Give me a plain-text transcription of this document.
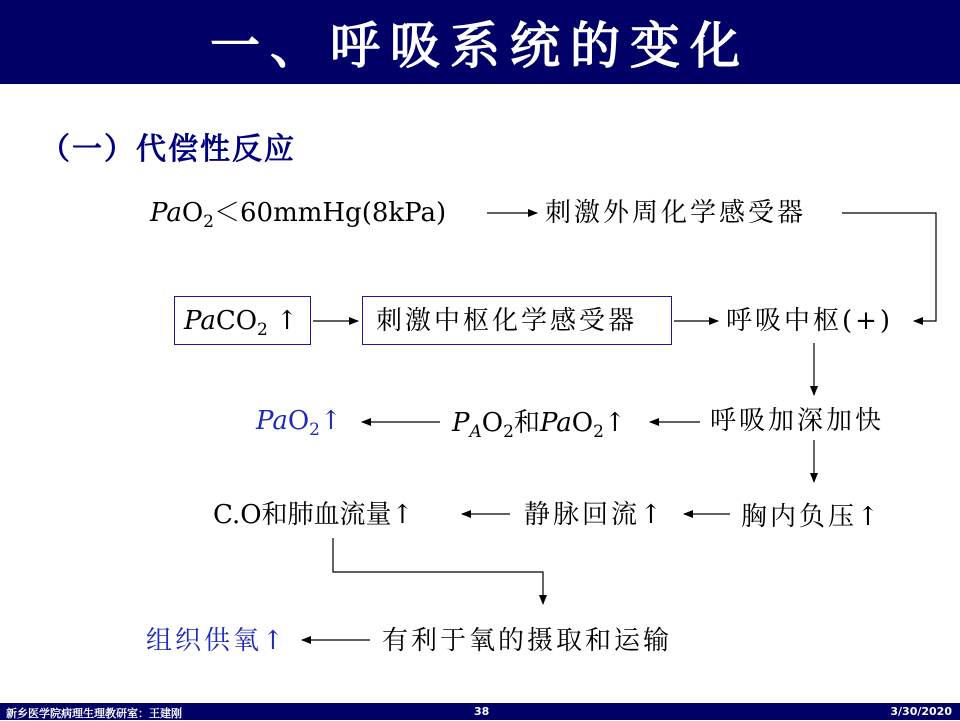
一、呼吸系统的变化
（一）代偿性反应
PaO$_2$＜60mmHg(8kPa)	刺激外周化学感受器
PaCO$_2$ ↑	刺激中枢化学感受器	呼吸中枢(+)
PaO$_2$↑	$P_AO_2$和PaO$_2$↑	呼吸加深加快
C.O和肺血流量↑	静脉回流↑	胸内负压↑
组织供氧↑	有利于氧的摄取和运输
新乡医学院病理生理教研室：王建刚	38	3/30/2020
